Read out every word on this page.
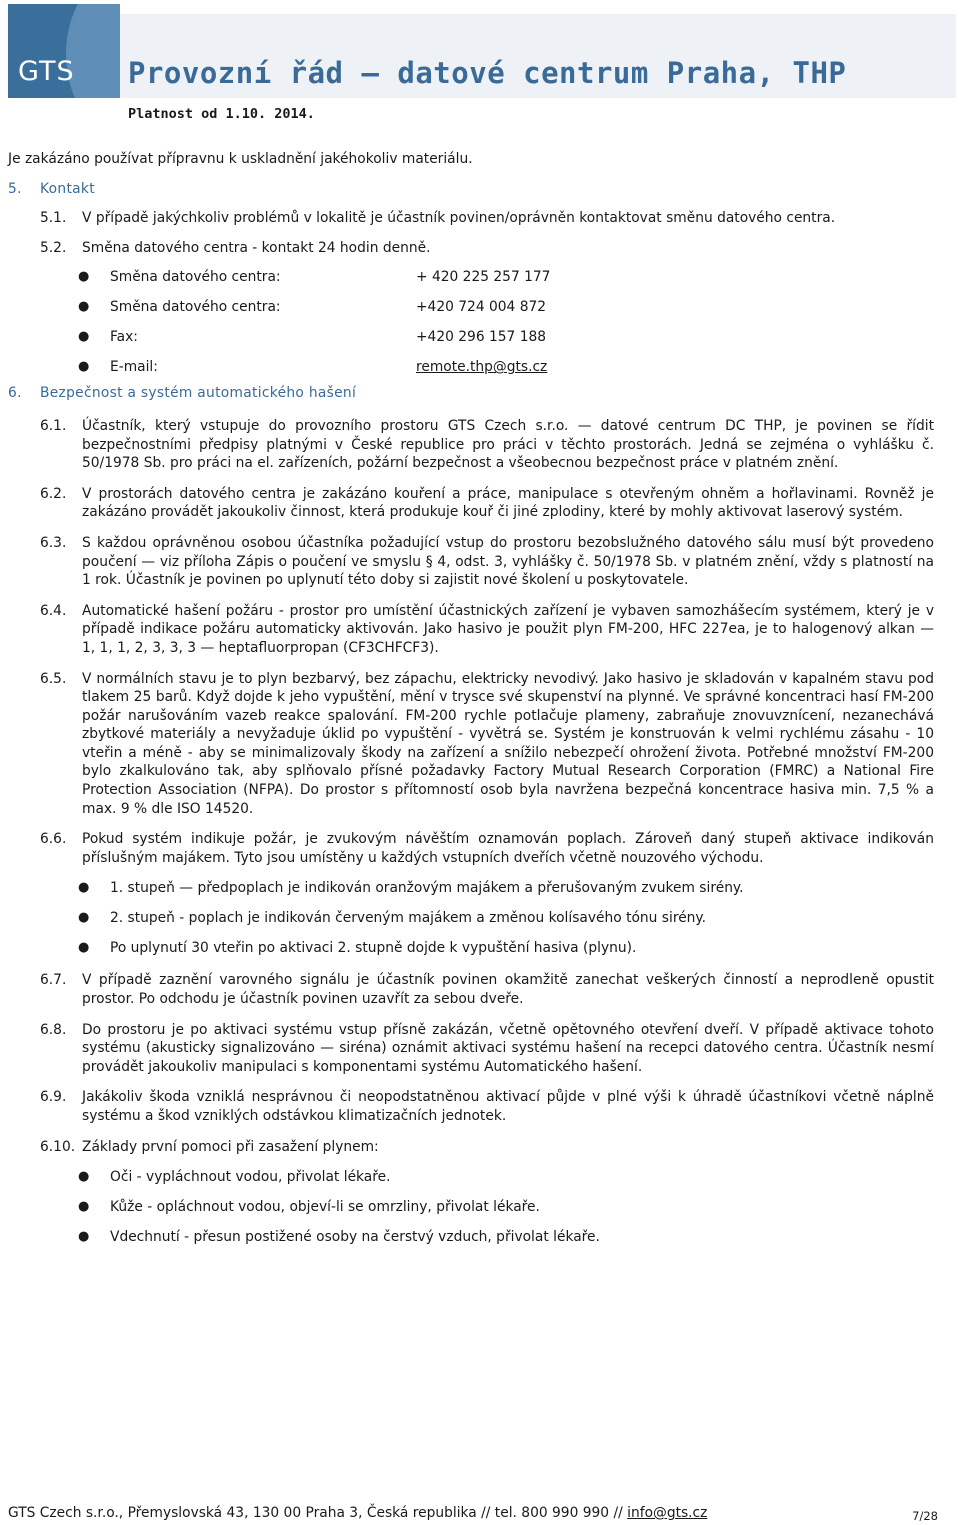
GTS Provozní řád — datové centrum Praha, THP
Platnost od 1.10. 2014.

Je zakázáno používat přípravnu k uskladnění jakéhokoliv materiálu.

5.	Kontakt
5.1.	V případě jakýchkoliv problémů v lokalitě je účastník povinen/oprávněn kontaktovat směnu datového centra.
5.2.	Směna datového centra - kontakt 24 hodin denně.
●	Směna datového centra:	+ 420 225 257 177
●	Směna datového centra:	+420 724 004 872
●	Fax:	+420 296 157 188
●	E-mail:	remote.thp@gts.cz
6.	Bezpečnost a systém automatického hašení
6.1.	Účastník, který vstupuje do provozního prostoru GTS Czech s.r.o. — datové centrum DC THP, je povinen se řídit bezpečnostními předpisy platnými v České republice pro práci v těchto prostorách. Jedná se zejména o vyhlášku č. 50/1978 Sb. pro práci na el. zařízeních, požární bezpečnost a všeobecnou bezpečnost práce v platném znění.
6.2.	V prostorách datového centra je zakázáno kouření a práce, manipulace s otevřeným ohněm a hořlavinami. Rovněž je zakázáno provádět jakoukoliv činnost, která produkuje kouř či jiné zplodiny, které by mohly aktivovat laserový systém.
6.3.	S každou oprávněnou osobou účastníka požadující vstup do prostoru bezobslužného datového sálu musí být provedeno poučení — viz příloha Zápis o poučení ve smyslu § 4, odst. 3, vyhlášky č. 50/1978 Sb. v platném znění, vždy s platností na 1 rok. Účastník je povinen po uplynutí této doby si zajistit nové školení u poskytovatele.
6.4.	Automatické hašení požáru - prostor pro umístění účastnických zařízení je vybaven samozhášecím systémem, který je v případě indikace požáru automaticky aktivován. Jako hasivo je použit plyn FM-200, HFC 227ea, je to halogenový alkan — 1, 1, 1, 2, 3, 3, 3 — heptafluorpropan (CF3CHFCF3).
6.5.	V normálních stavu je to plyn bezbarvý, bez zápachu, elektricky nevodivý. Jako hasivo je skladován v kapalném stavu pod tlakem 25 barů. Když dojde k jeho vypuštění, mění v trysce své skupenství na plynné. Ve správné koncentraci hasí FM-200 požár narušováním vazeb reakce spalování. FM-200 rychle potlačuje plameny, zabraňuje znovuvznícení, nezanechává zbytkové materiály a nevyžaduje úklid po vypuštění - vyvětrá se. Systém je konstruován k velmi rychlému zásahu - 10 vteřin a méně - aby se minimalizovaly škody na zařízení a snížilo nebezpečí ohrožení života. Potřebné množství FM-200 bylo zkalkulováno tak, aby splňovalo přísné požadavky Factory Mutual Research Corporation (FMRC) a National Fire Protection Association (NFPA). Do prostor s přítomností osob byla navržena bezpečná koncentrace hasiva min. 7,5 % a max. 9 % dle ISO 14520.
6.6.	Pokud systém indikuje požár, je zvukovým návěštím oznamován poplach. Zároveň daný stupeň aktivace indikován příslušným majákem. Tyto jsou umístěny u každých vstupních dveřích včetně nouzového východu.
●	1. stupeň — předpoplach je indikován oranžovým majákem a přerušovaným zvukem sirény.
●	2. stupeň - poplach je indikován červeným majákem a změnou kolísavého tónu sirény.
●	Po uplynutí 30 vteřin po aktivaci 2. stupně dojde k vypuštění hasiva (plynu).
6.7.	V případě zaznění varovného signálu je účastník povinen okamžitě zanechat veškerých činností a neprodleně opustit prostor. Po odchodu je účastník povinen uzavřít za sebou dveře.
6.8.	Do prostoru je po aktivaci systému vstup přísně zakázán, včetně opětovného otevření dveří. V případě aktivace tohoto systému (akusticky signalizováno — siréna) oznámit aktivaci systému hašení na recepci datového centra. Účastník nesmí provádět jakoukoliv manipulaci s komponentami systému Automatického hašení.
6.9.	Jakákoliv škoda vzniklá nesprávnou či neopodstatněnou aktivací půjde v plné výši k úhradě účastníkovi včetně náplně systému a škod vzniklých odstávkou klimatizačních jednotek.
6.10. Základy první pomoci při zasažení plynem:
●	Oči - vypláchnout vodou, přivolat lékaře.
●	Kůže - opláchnout vodou, objeví-li se omrzliny, přivolat lékaře.
●	Vdechnutí - přesun postižené osoby na čerstvý vzduch, přivolat lékaře.
GTS Czech s.r.o., Přemyslovská 43, 130 00 Praha 3, Česká republika // tel. 800 990 990 // info@gts.cz	7/28
